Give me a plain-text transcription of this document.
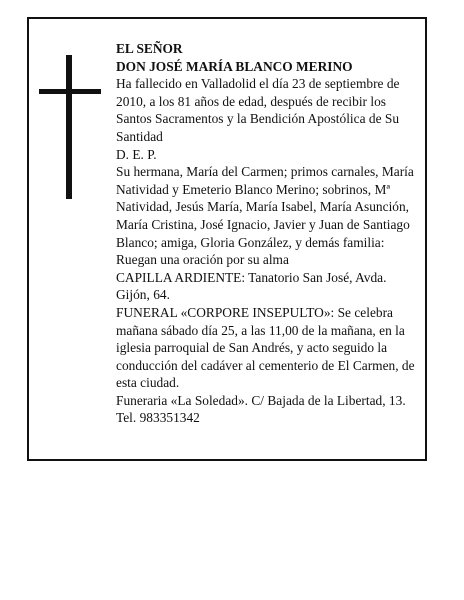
EL SEÑOR

DON JOSÉ MARÍA BLANCO MERINO

Ha fallecido en Valladolid el día 23 de septiembre de 2010, a los 81 años de edad, después de recibir los Santos Sacramentos y la Bendición Apostólica de Su Santidad

D. E. P.

Su hermana, María del Carmen; primos carnales, María Natividad y Emeterio Blanco Merino; sobrinos, Mª Natividad, Jesús María, María Isabel, María Asunción, María Cristina, José Ignacio, Javier y Juan de Santiago Blanco; amiga, Gloria González, y demás familia:

Ruegan una oración por su alma

CAPILLA ARDIENTE: Tanatorio San José, Avda. Gijón, 64.

FUNERAL «CORPORE INSEPULTO»: Se celebra mañana sábado día 25, a las 11,00 de la mañana, en la iglesia parroquial de San Andrés, y acto seguido la conducción del cadáver al cementerio de El Carmen, de esta ciudad.

Funeraria «La Soledad». C/ Bajada de la Libertad, 13. Tel. 983351342
